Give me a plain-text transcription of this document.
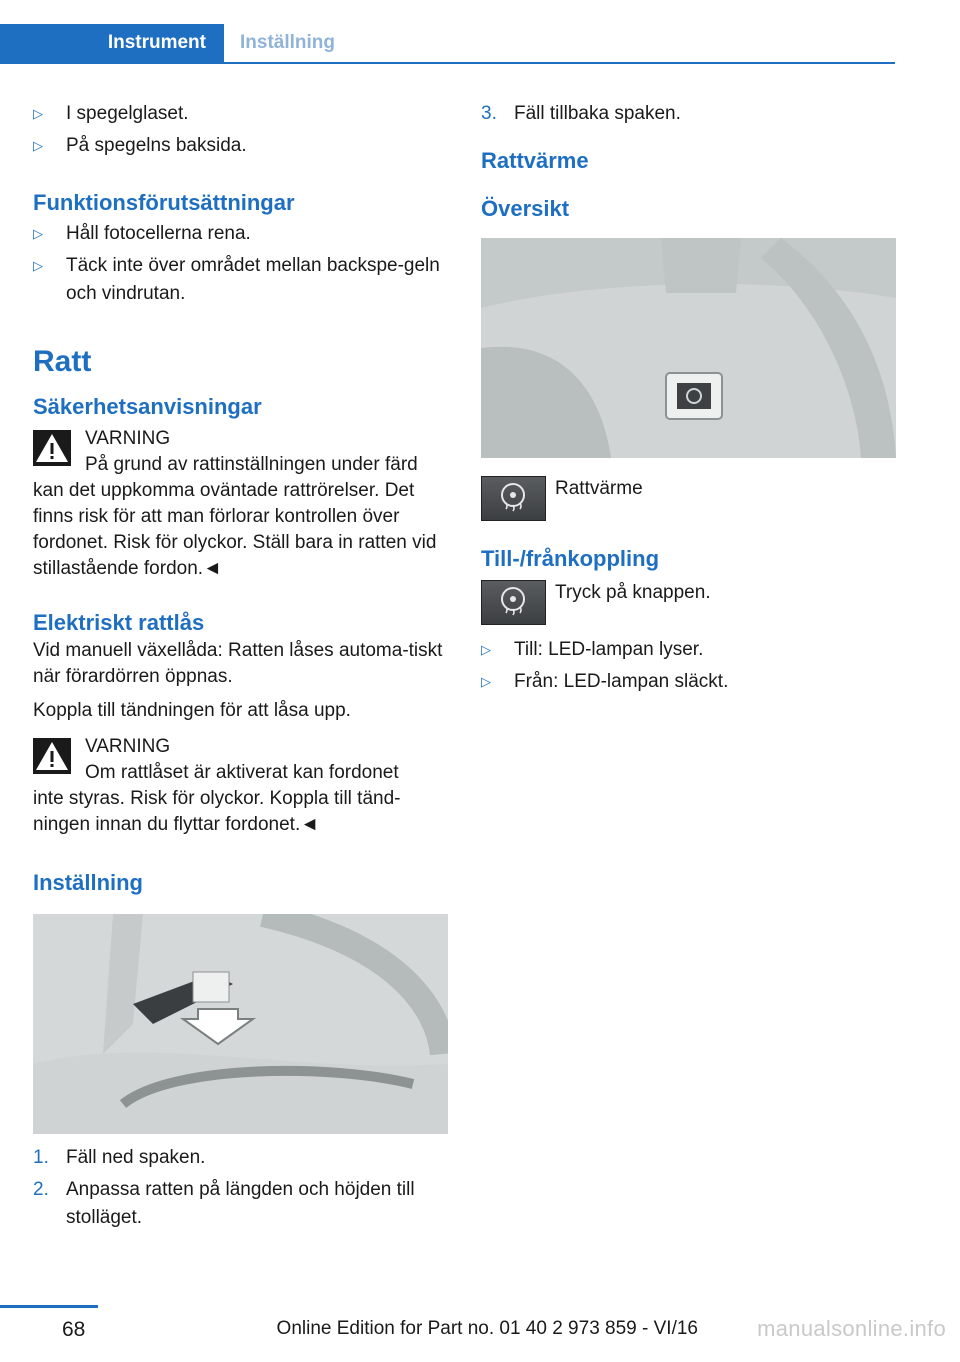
Instrument	Inställning
▷	I spegelglaset.
▷	På spegelns baksida.
Funktionsförutsättningar
▷	Håll fotocellerna rena.
▷	Täck inte över området mellan backspe-geln och vindrutan.
Ratt
Säkerhetsanvisningar
VARNING
På grund av rattinställningen under färd
kan det uppkomma oväntade rattrörelser. Det finns risk för att man förlorar kontrollen över fordonet. Risk för olyckor. Ställ bara in ratten vid stillastående fordon.◄
Elektriskt rattlås

Vid manuell växellåda: Ratten låses automa-tiskt när förardörren öppnas.

Koppla till tändningen för att låsa upp.

VARNING
Om rattlåset är aktiverat kan fordonet
inte styras. Risk för olyckor. Koppla till tänd-ningen innan du flyttar fordonet.◄
Inställning
1. Fäll ned spaken.
2. Anpassa ratten på längden och höjden till stolläget.
3. Fäll tillbaka spaken.
Rattvärme
Översikt
Rattvärme
Till-/frånkoppling
Tryck på knappen.
▷	Till: LED-lampan lyser.
▷	Från: LED-lampan släckt.
68	Online Edition for Part no. 01 40 2 973 859 - VI/16	manualsonline.info
